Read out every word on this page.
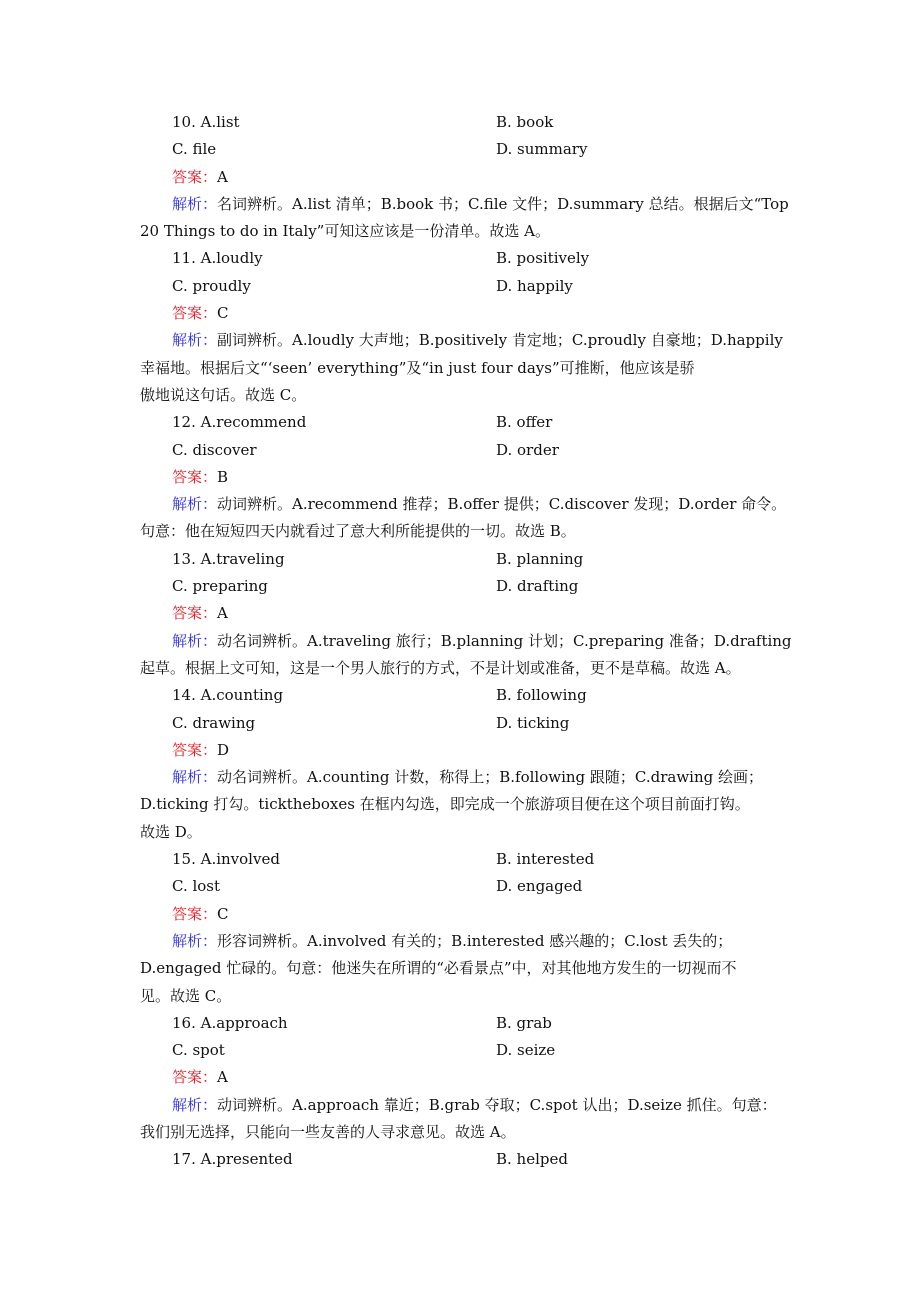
10. A.list	B. book
C. file	D. summary
答案：A
解析：名词辨析。A.list 清单；B.book 书；C.file 文件；D.summary 总结。根据后文“Top
20 Things to do in Italy”可知这应该是一份清单。故选 A。
11. A.loudly	B. positively
C. proudly	D. happily
答案：C
解析：副词辨析。A.loudly 大声地；B.positively 肯定地；C.proudly 自豪地；D.happily
幸福地。根据后文“‘seen’ everything”及“in just four days”可推断，他应该是骄
傲地说这句话。故选 C。
12. A.recommend	B. offer
C. discover	D. order
答案：B
解析：动词辨析。A.recommend 推荐；B.offer 提供；C.discover 发现；D.order 命令。
句意：他在短短四天内就看过了意大利所能提供的一切。故选 B。
13. A.traveling	B. planning
C. preparing	D. drafting
答案：A
解析：动名词辨析。A.traveling 旅行；B.planning 计划；C.preparing 准备；D.drafting
起草。根据上文可知，这是一个男人旅行的方式，不是计划或准备，更不是草稿。故选 A。
14. A.counting	B. following
C. drawing	D. ticking
答案：D
解析：动名词辨析。A.counting 计数，称得上；B.following 跟随；C.drawing 绘画；
D.ticking 打勾。tickthebox​es 在框内勾选，即完成一个旅游项目便在这个项目前面打钩。
故选 D。
15. A.involved	B. interested
C. lost	D. engaged
答案：C
解析：形容词辨析。A.involved 有关的；B.interested 感兴趣的；C.lost 丢失的；
D.engaged 忙碌的。句意：他迷失在所谓的“必看景点”中，对其他地方发生的一切视而不
见。故选 C。
16. A.approach	B. grab
C. spot	D. seize
答案：A
解析：动词辨析。A.approach 靠近；B.grab 夺取；C.spot 认出；D.seize 抓住。句意：
我们别无选择，只能向一些友善的人寻求意见。故选 A。
17. A.presented	B. helped
